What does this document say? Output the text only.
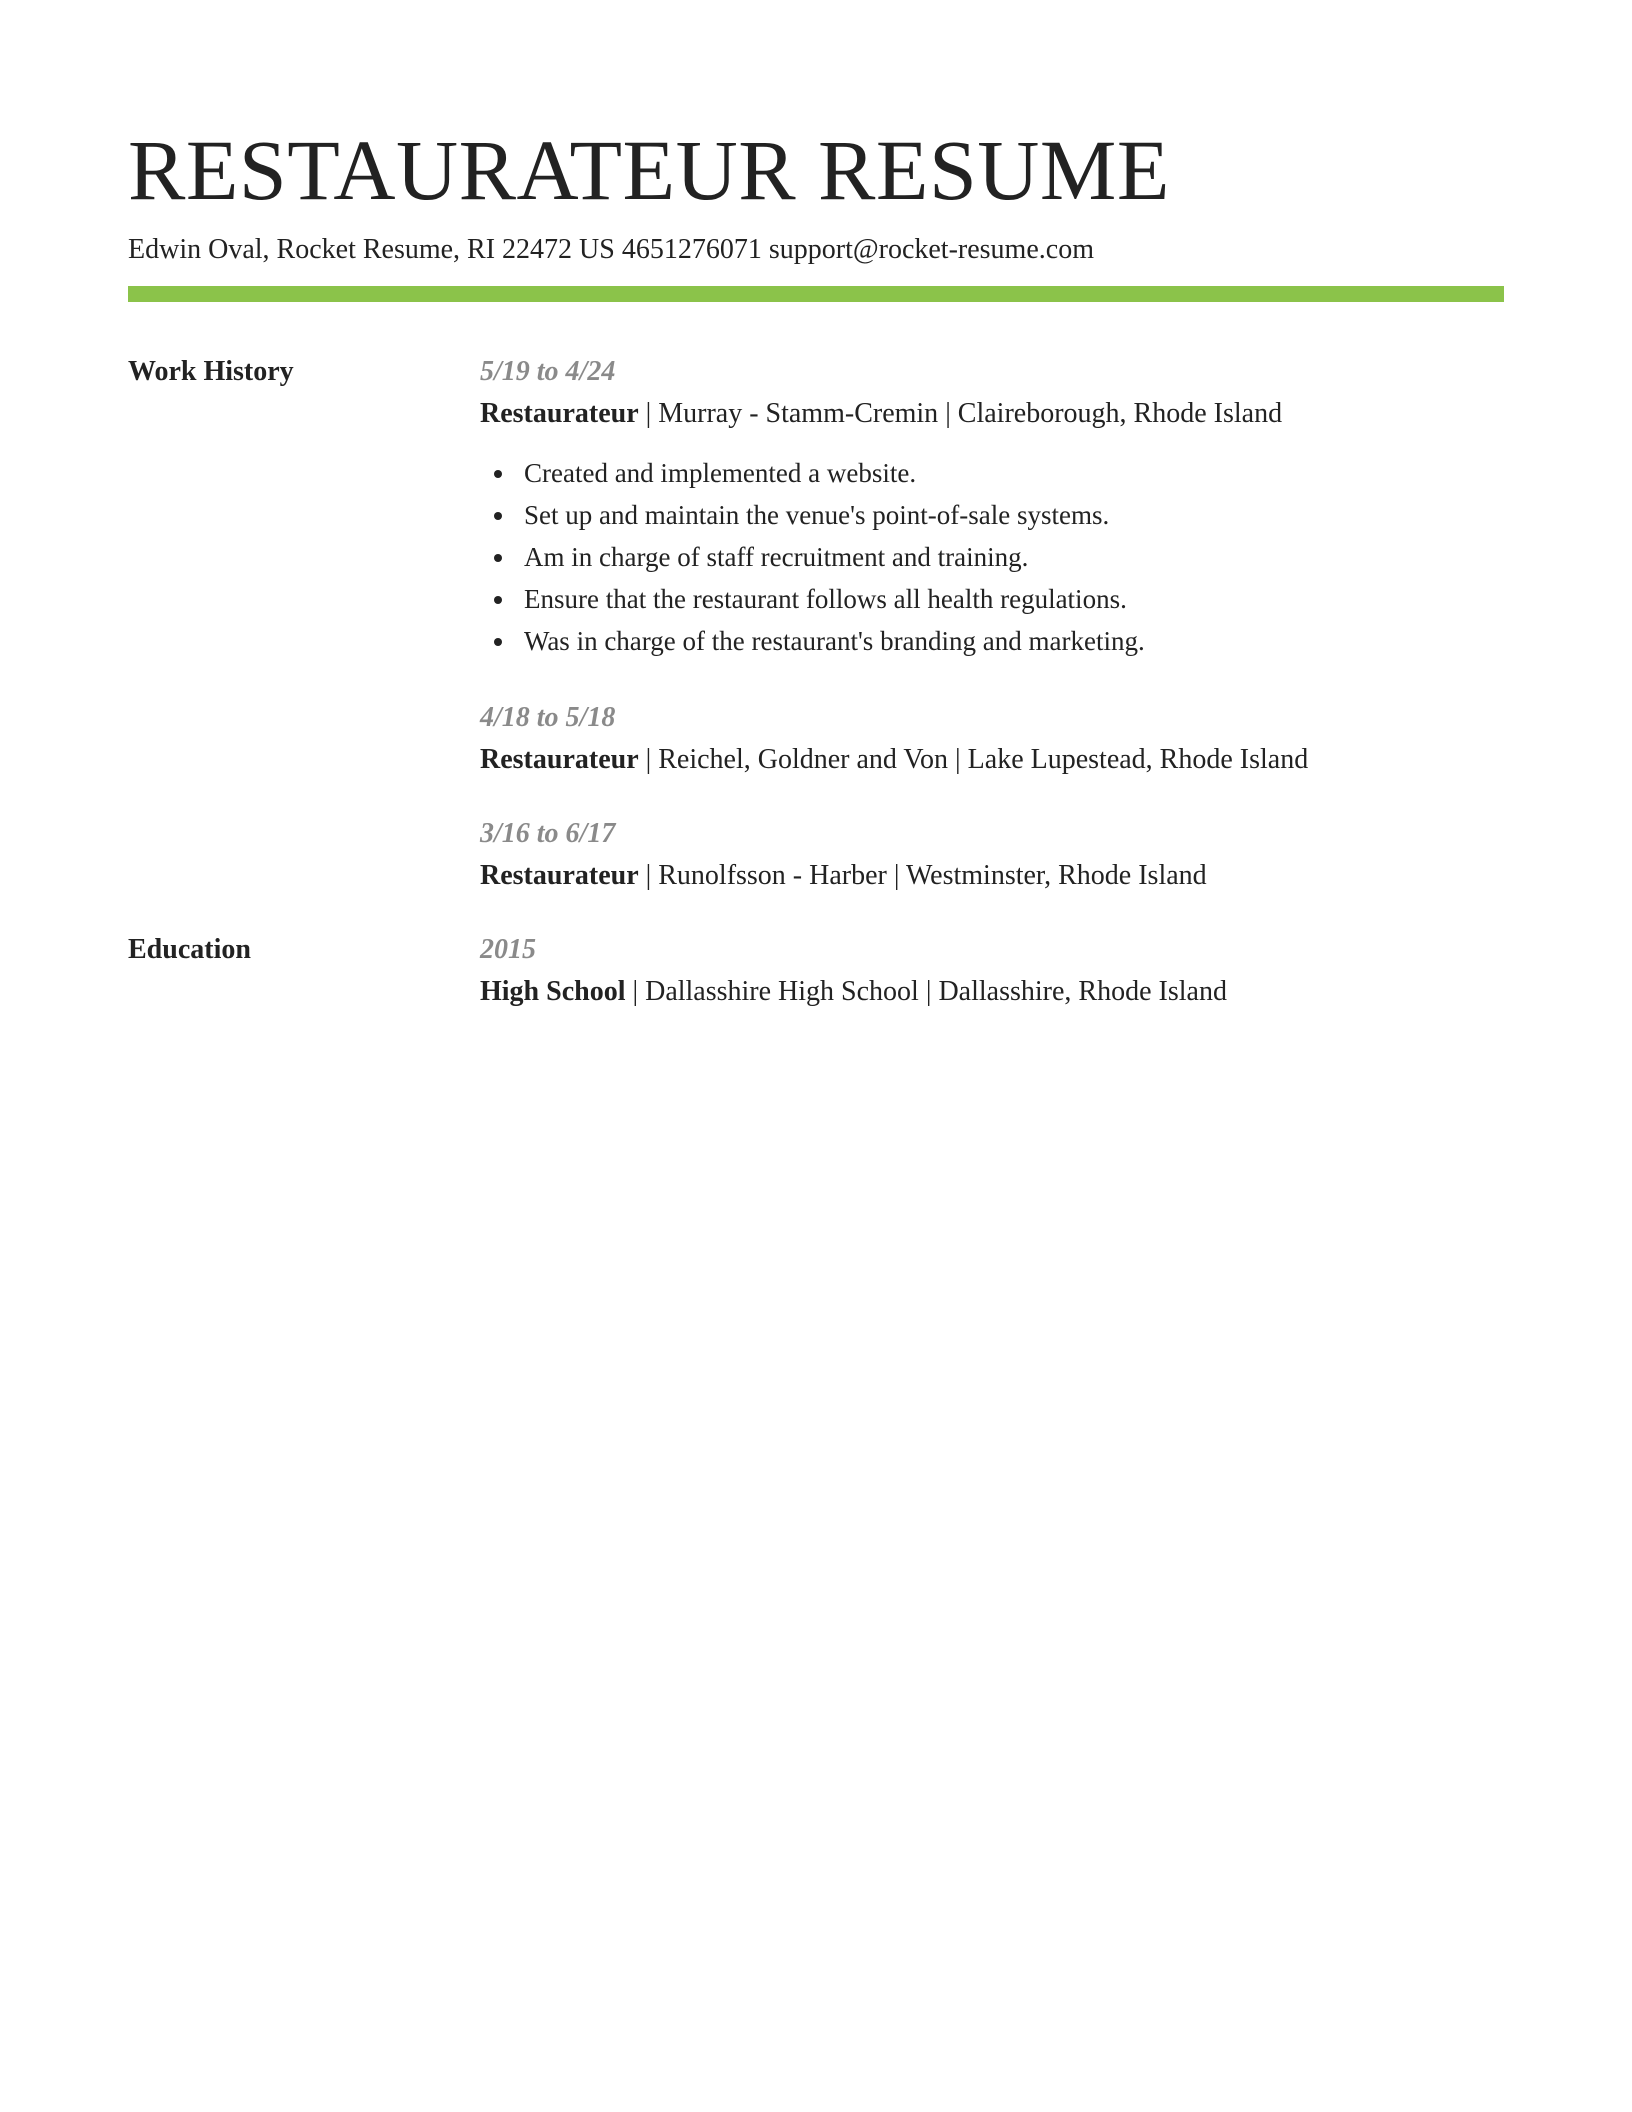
RESTAURATEUR RESUME
Edwin Oval, Rocket Resume, RI 22472 US 4651276071 support@rocket-resume.com
Work History	5/19 to 4/24
Restaurateur | Murray - Stamm-Cremin | Claireborough, Rhode Island
Created and implemented a website.
Set up and maintain the venue's point-of-sale systems.
Am in charge of staff recruitment and training.
Ensure that the restaurant follows all health regulations.
Was in charge of the restaurant's branding and marketing.
4/18 to 5/18
Restaurateur | Reichel, Goldner and Von | Lake Lupestead, Rhode Island
3/16 to 6/17
Restaurateur | Runolfsson - Harber | Westminster, Rhode Island
Education	2015
High School | Dallasshire High School | Dallasshire, Rhode Island
